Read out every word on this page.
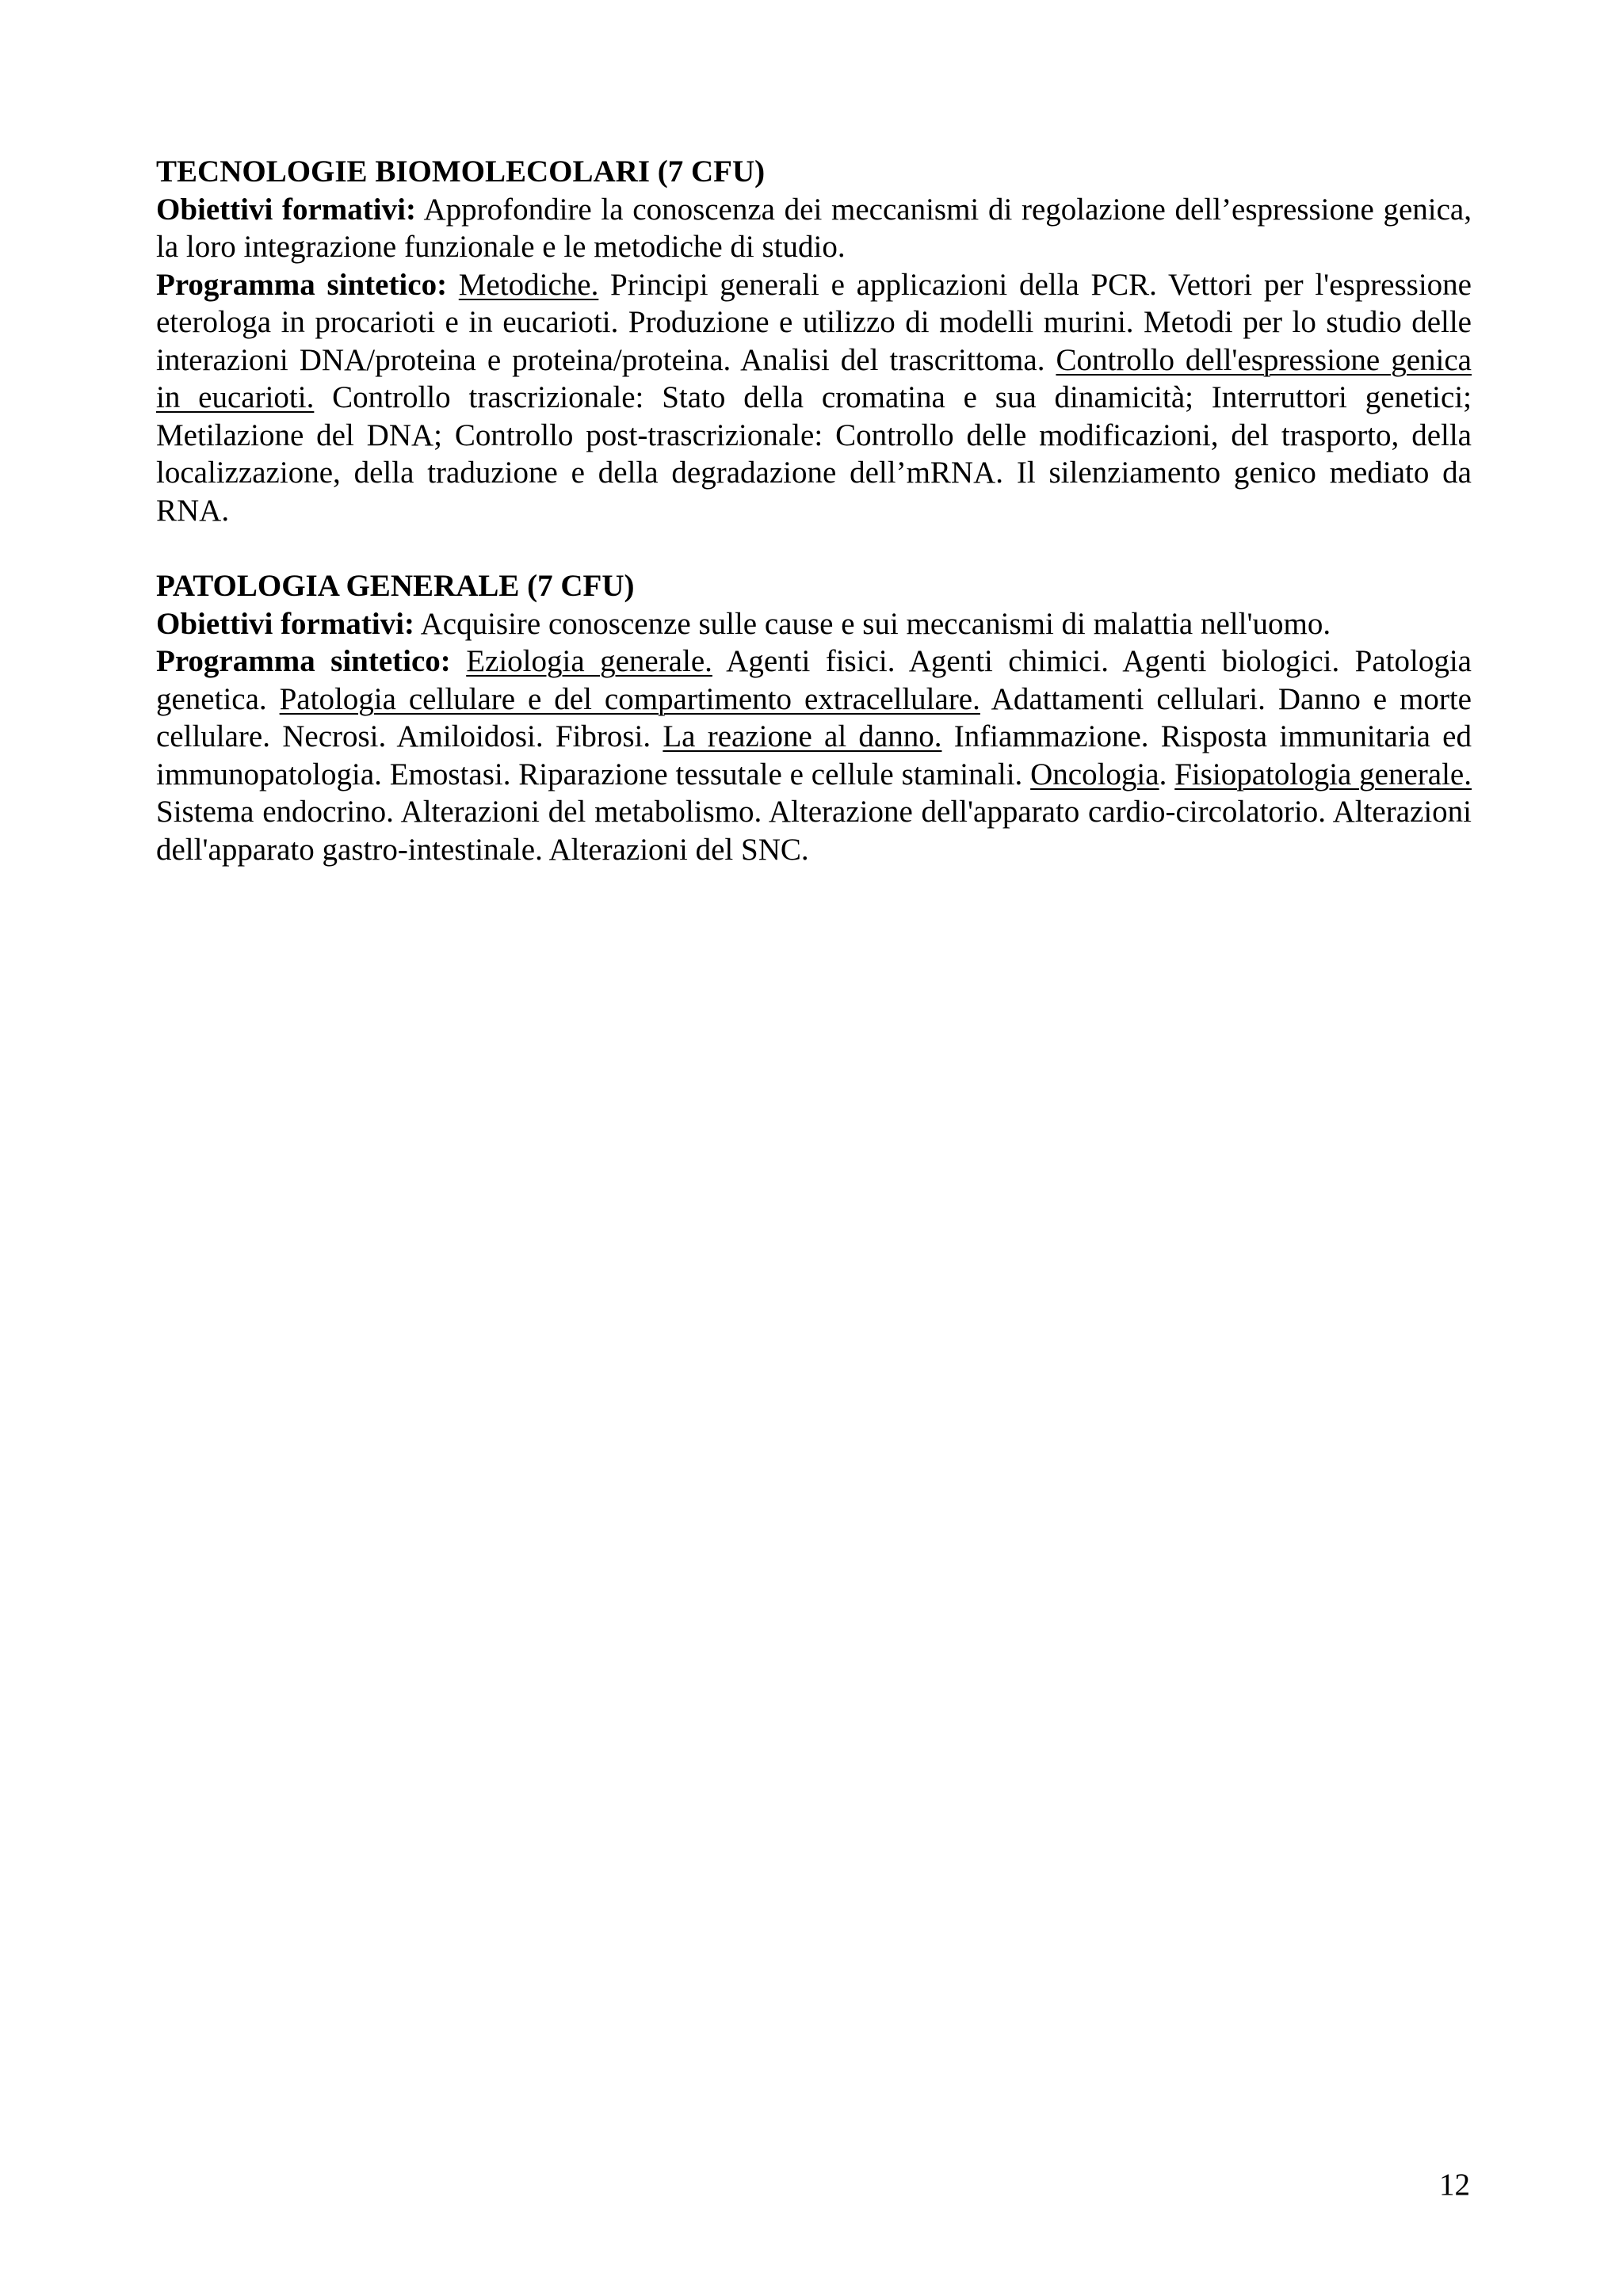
TECNOLOGIE BIOMOLECOLARI (7 CFU)

Obiettivi formativi: Approfondire la conoscenza dei meccanismi di regolazione dell’espressione genica, la loro integrazione funzionale e le metodiche di studio.

Programma sintetico: Metodiche. Principi generali e applicazioni della PCR. Vettori per l'espressione eterologa in procarioti e in eucarioti. Produzione e utilizzo di modelli murini. Metodi per lo studio delle interazioni DNA/proteina e proteina/proteina. Analisi del trascrittoma. Controllo dell'espressione genica in eucarioti. Controllo trascrizionale: Stato della cromatina e sua dinamicità; Interruttori genetici; Metilazione del DNA; Controllo post-trascrizionale: Controllo delle modificazioni, del trasporto, della localizzazione, della traduzione e della degradazione dell’mRNA. Il silenziamento genico mediato da RNA.

PATOLOGIA GENERALE (7 CFU)

Obiettivi formativi: Acquisire conoscenze sulle cause e sui meccanismi di malattia nell'uomo.

Programma sintetico: Eziologia generale. Agenti fisici. Agenti chimici. Agenti biologici. Patologia genetica. Patologia cellulare e del compartimento extracellulare. Adattamenti cellulari. Danno e morte cellulare. Necrosi. Amiloidosi. Fibrosi. La reazione al danno. Infiammazione. Risposta immunitaria ed immunopatologia. Emostasi. Riparazione tessutale e cellule staminali. Oncologia. Fisiopatologia generale. Sistema endocrino. Alterazioni del metabolismo. Alterazione dell'apparato cardio-circolatorio. Alterazioni dell'apparato gastro-intestinale. Alterazioni del SNC.

12
